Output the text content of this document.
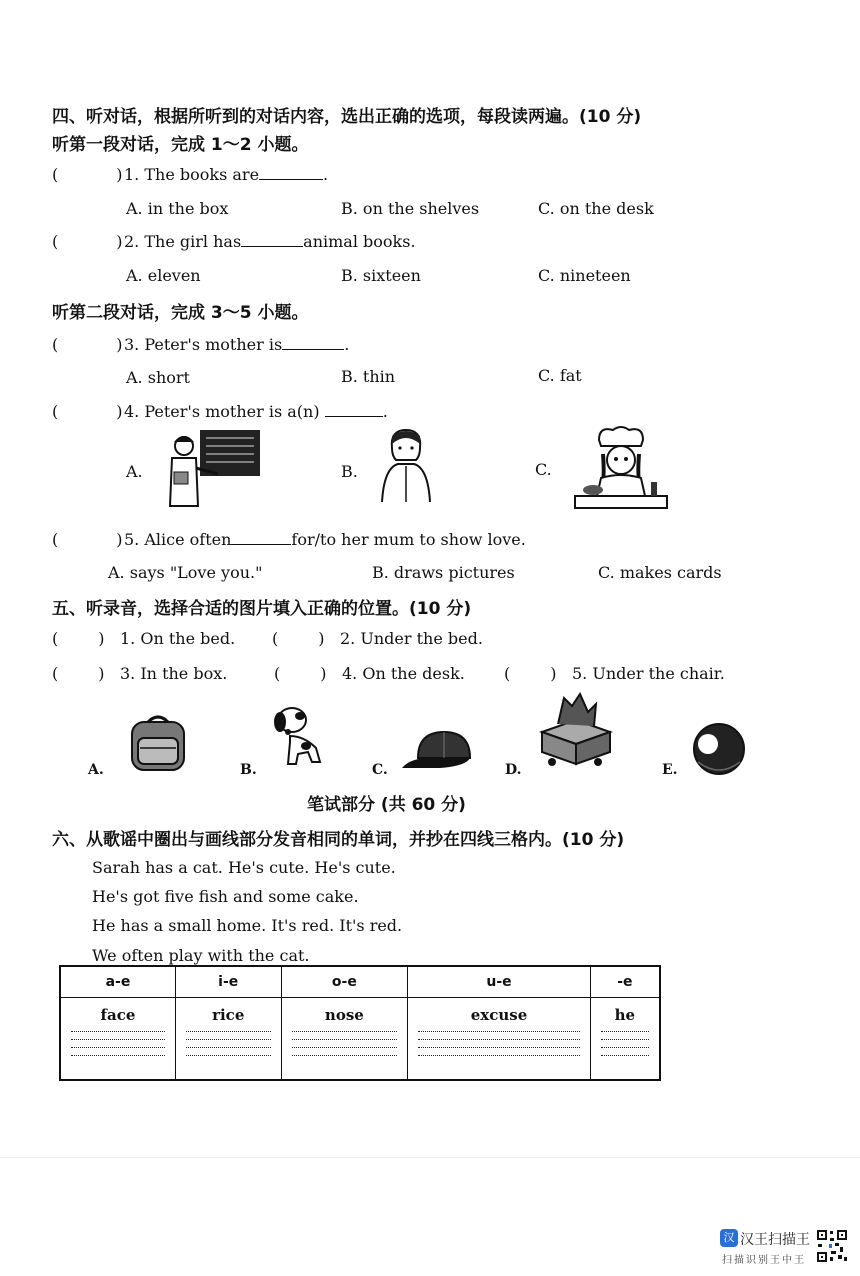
四、听对话，根据所听到的对话内容，选出正确的选项，每段读两遍。(10 分)
听第一段对话，完成 1～2 小题。
(	) 1. The books are	.
A. in the box	B. on the shelves	C. on the desk
(	) 2. The girl has	animal books.
A. eleven	B. sixteen	C. nineteen
听第二段对话，完成 3～5 小题。
(	) 3. Peter's mother is	.
A. short	B. thin	C. fat
(	) 4. Peter's mother is a(n)	.
A.	B.	C.
(	) 5. Alice often	for/to her mum to show love.
A. says "Love you."	B. draws pictures	C. makes cards
五、听录音，选择合适的图片填入正确的位置。(10 分)
(	) 1. On the bed. (	) 2. Under the bed.
(	) 3. In the box.	(	) 4. On the desk. (	) 5. Under the chair.
A.	B.	C.	D.	E.
笔试部分 (共 60 分)
六、从歌谣中圈出与画线部分发音相同的单词，并抄在四线三格内。(10 分)
Sarah has a cat. He's cute. He's cute.
He's got five fish and some cake.
He has a small home. It's red. It's red.
We often play with the cat.
a-e	i-e	o-e	u-e	-e

face	rice	nose	excuse	he
汉 汉王扫描王
扫描识别王中王
